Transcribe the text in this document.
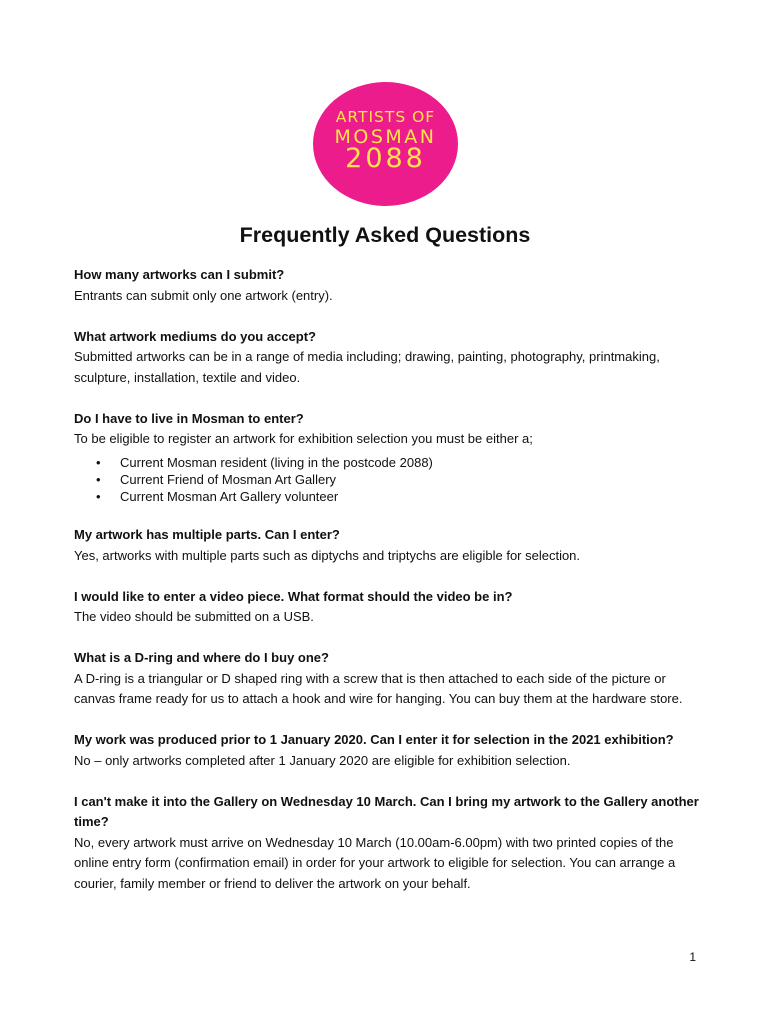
ARTISTS OF
MOSMAN
2088
Frequently Asked Questions

How many artworks can I submit?

Entrants can submit only one artwork (entry).

What artwork mediums do you accept?

Submitted artworks can be in a range of media including; drawing, painting, photography, printmaking, sculpture, installation, textile and video.

Do I have to live in Mosman to enter?

To be eligible to register an artwork for exhibition selection you must be either a;

• Current Mosman resident (living in the postcode 2088)
• Current Friend of Mosman Art Gallery
• Current Mosman Art Gallery volunteer

My artwork has multiple parts. Can I enter?

Yes, artworks with multiple parts such as diptychs and triptychs are eligible for selection.

I would like to enter a video piece. What format should the video be in?

The video should be submitted on a USB.

What is a D-ring and where do I buy one?

A D-ring is a triangular or D shaped ring with a screw that is then attached to each side of the picture or canvas frame ready for us to attach a hook and wire for hanging. You can buy them at the hardware store.

My work was produced prior to 1 January 2020. Can I enter it for selection in the 2021 exhibition?

No – only artworks completed after 1 January 2020 are eligible for exhibition selection.

I can't make it into the Gallery on Wednesday 10 March. Can I bring my artwork to the Gallery another time?

No, every artwork must arrive on Wednesday 10 March (10.00am-6.00pm) with two printed copies of the online entry form (confirmation email) in order for your artwork to eligible for selection. You can arrange a courier, family member or friend to deliver the artwork on your behalf.

1
